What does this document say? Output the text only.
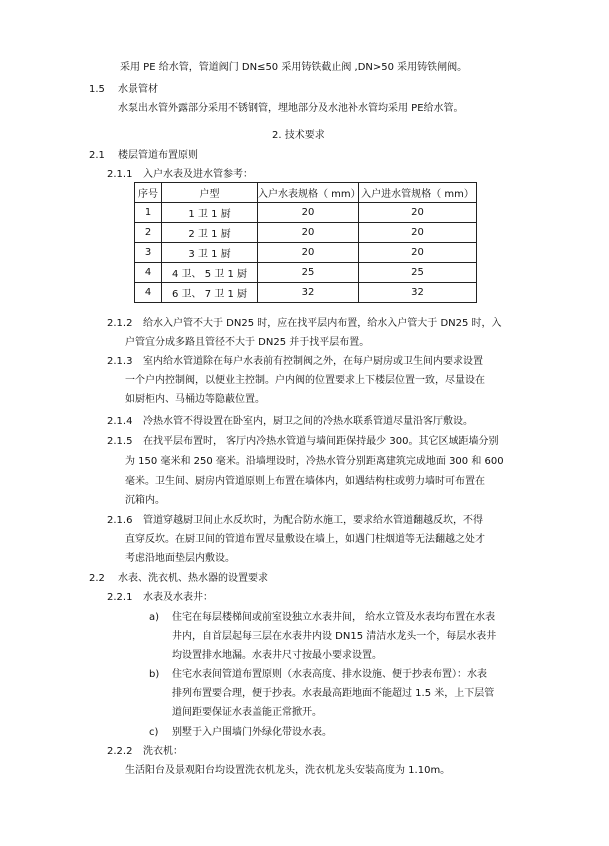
采用 PE 给水管，管道阀门 DN≤50 采用铸铁截止阀 ,DN>50 采用铸铁闸阀。
1.5 水景管材
水泵出水管外露部分采用不锈钢管，埋地部分及水池补水管均采用 PE给水管。
2. 技术要求
2.1 楼层管道布置原则
2.1.1 入户水表及进水管参考：
序号	户型	入户水表规格（ mm）	入户进水管规格（ mm）
1	1 卫 1 厨	20	20
2	2 卫 1 厨	20	20
3	3 卫 1 厨	20	20
4	4 卫、 5 卫 1 厨	25	25
4	6 卫、 7 卫 1 厨	32	32
2.1.2 给水入户管不大于 DN25 时，应在找平层内布置，给水入户管大于 DN25 时，入
户管宜分成多路且管径不大于 DN25 并于找平层布置。
2.1.3 室内给水管道除在每户水表前有控制阀之外，在每户厨房或卫生间内要求设置
一个户内控制阀，以便业主控制。户内阀的位置要求上下楼层位置一致，尽量设在
如厨柜内、马桶边等隐蔽位置。
2.1.4 冷热水管不得设置在卧室内，厨卫之间的冷热水联系管道尽量沿客厅敷设。
2.1.5 在找平层布置时， 客厅内冷热水管道与墙间距保持最少 300。其它区域距墙分别
为 150 毫米和 250 毫米。沿墙埋设时，冷热水管分别距离建筑完成地面 300 和 600
毫米。卫生间、厨房内管道原则上布置在墙体内，如遇结构柱或剪力墙时可布置在
沉箱内。
2.1.6 管道穿越厨卫间止水反坎时，为配合防水施工，要求给水管道翻越反坎，不得
直穿反坎。在厨卫间的管道布置尽量敷设在墙上，如遇门柱烟道等无法翻越之处才
考虑沿地面垫层内敷设。
2.2 水表、洗衣机、热水器的设置要求
2.2.1 水表及水表井：
a) 住宅在每层楼梯间或前室设独立水表井间， 给水立管及水表均布置在水表
井内，自首层起每三层在水表井内设 DN15 清洁水龙头一个，每层水表井
均设置排水地漏。水表井尺寸按最小要求设置。
b) 住宅水表间管道布置原则（水表高度、排水设施、便于抄表布置）：水表
排列布置要合理，便于抄表。水表最高距地面不能超过 1.5 米，上下层管
道间距要保证水表盖能正常掀开。
c) 别墅于入户围墙门外绿化带设水表。
2.2.2 洗衣机：
生活阳台及景观阳台均设置洗衣机龙头，洗衣机龙头安装高度为 1.10m。
